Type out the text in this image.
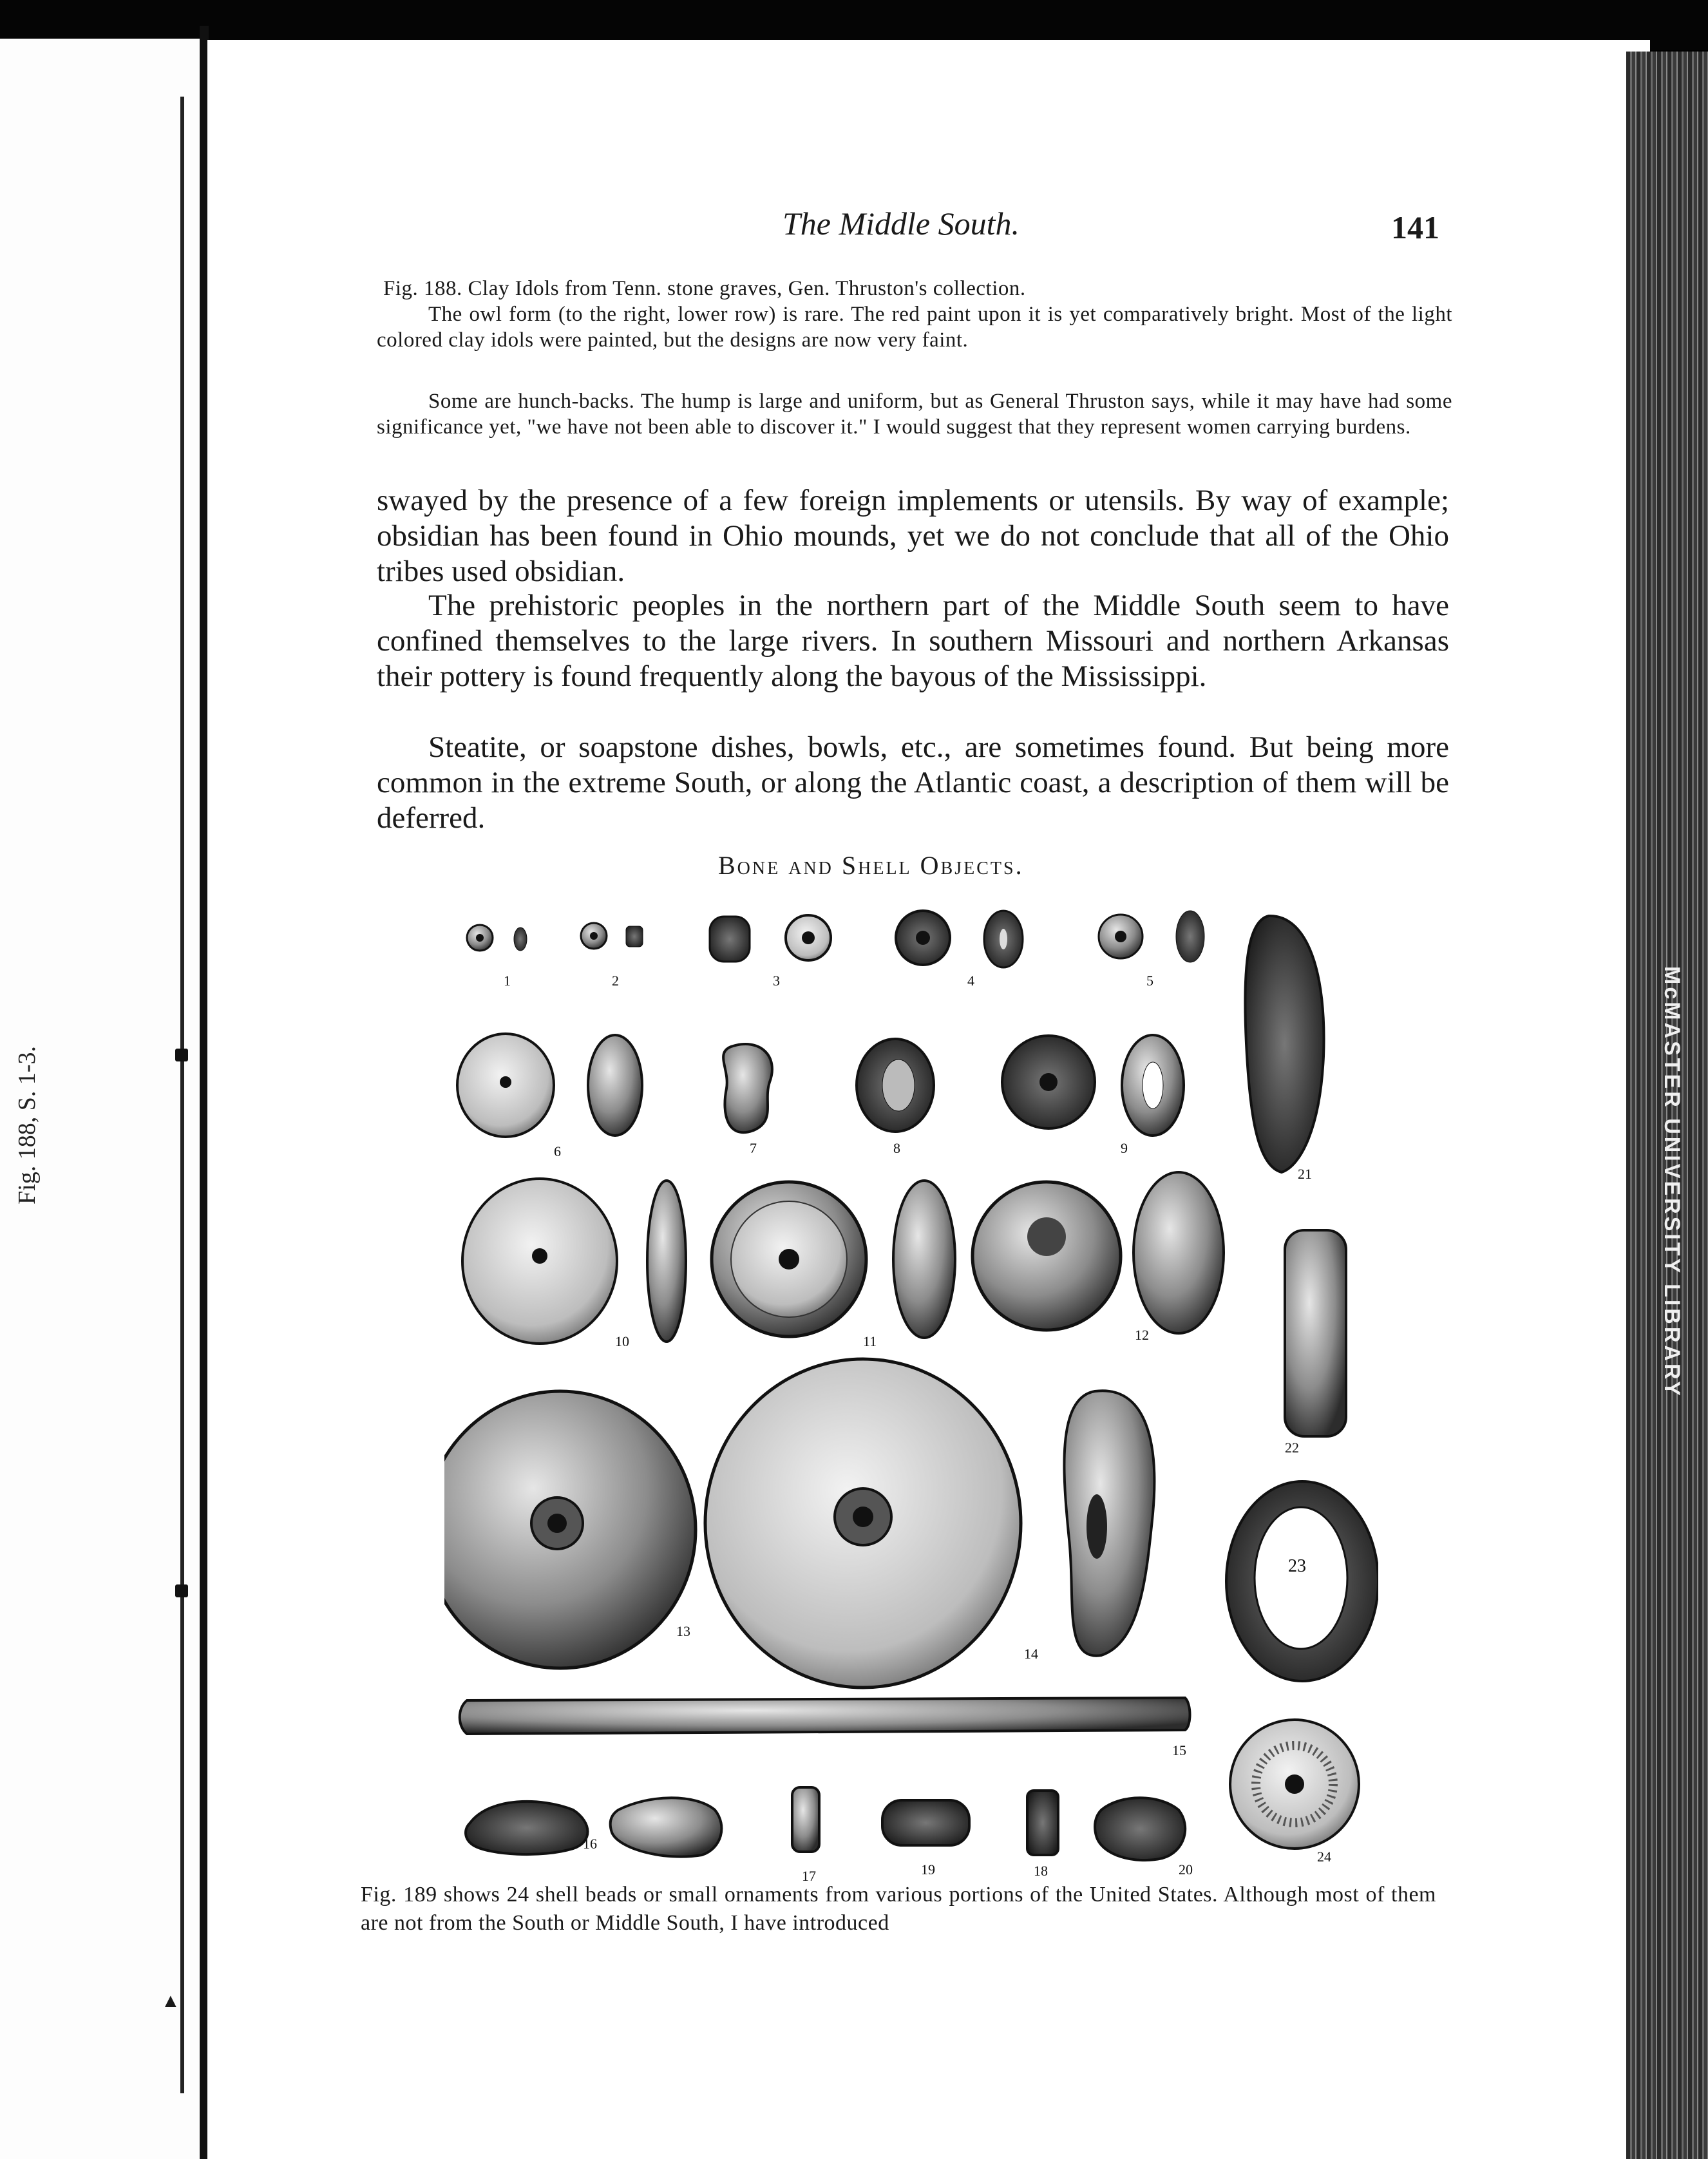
Fig. 188, S. 1-3.
▲
McMASTER UNIVERSITY LIBRARY
The Middle South.	141
Fig. 188. Clay Idols from Tenn. stone graves, Gen. Thruston's collection.
The owl form (to the right, lower row) is rare. The red paint upon it is yet comparatively bright. Most of the light colored clay idols were painted, but the designs are now very faint.
Some are hunch-backs. The hump is large and uniform, but as General Thruston says, while it may have had some significance yet, "we have not been able to discover it." I would suggest that they represent women carrying burdens.
swayed by the presence of a few foreign implements or utensils. By way of example; obsidian has been found in Ohio mounds, yet we do not conclude that all of the Ohio tribes used obsidian.
The prehistoric peoples in the northern part of the Middle South seem to have confined themselves to the large rivers. In southern Missouri and northern Arkansas their pottery is found frequently along the bayous of the Mississippi.
Steatite, or soapstone dishes, bowls, etc., are sometimes found. But being more common in the extreme South, or along the Atlantic coast, a description of them will be deferred.
Bone and Shell Objects.
1	2	3	4	5
6	7	8	9
10	11	12
13
14
15
16
17	19	18	20
21
22
23
24
Fig. 189 shows 24 shell beads or small ornaments from various portions of the United States. Although most of them are not from the South or Middle South, I have introduced
